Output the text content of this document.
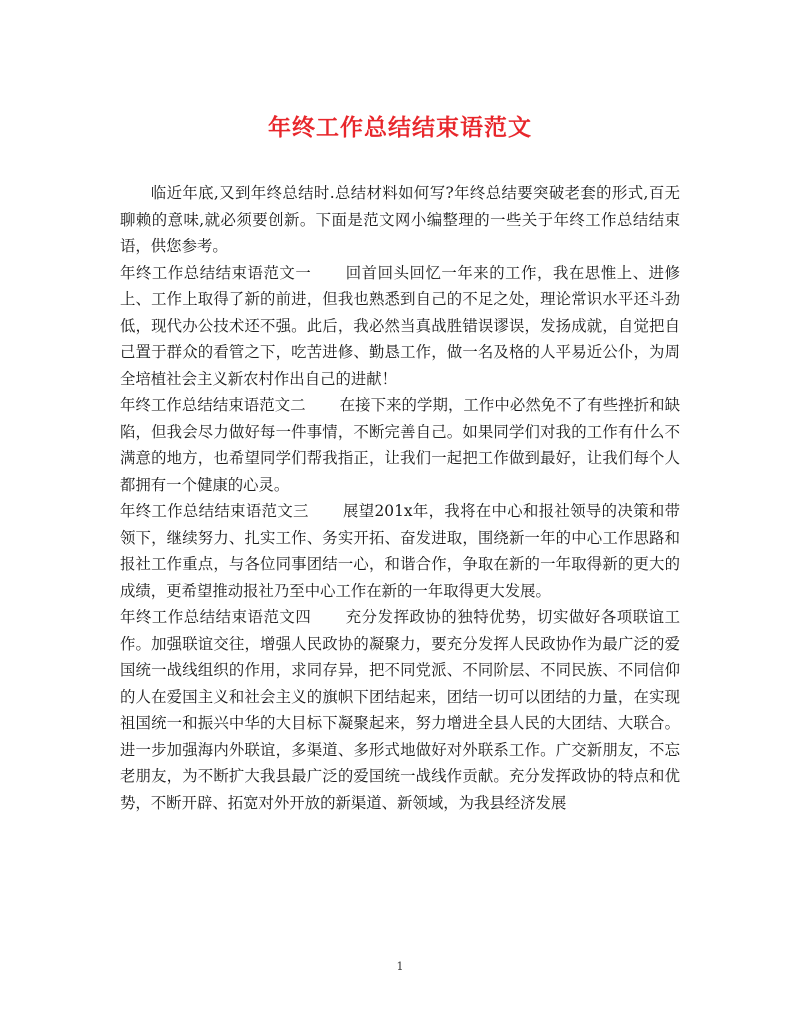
年终工作总结结束语范文

临近年底,又到年终总结时.总结材料如何写?年终总结要突破老套的形式,百无聊赖的意味,就必须要创新。下面是范文网小编整理的一些关于年终工作总结结束语，供您参考。

年终工作总结结束语范文一 回首回头回忆一年来的工作，我在思惟上、进修上、工作上取得了新的前进，但我也熟悉到自己的不足之处，理论常识水平还斗劲低，现代办公技术还不强。此后，我必然当真战胜错误谬误，发扬成就，自觉把自己置于群众的看管之下，吃苦进修、勤恳工作，做一名及格的人平易近公仆，为周全培植社会主义新农村作出自己的进献！

年终工作总结结束语范文二 在接下来的学期，工作中必然免不了有些挫折和缺陷，但我会尽力做好每一件事情，不断完善自己。如果同学们对我的工作有什么不满意的地方，也希望同学们帮我指正，让我们一起把工作做到最好，让我们每个人都拥有一个健康的心灵。

年终工作总结结束语范文三 展望201x年，我将在中心和报社领导的决策和带领下，继续努力、扎实工作、务实开拓、奋发进取，围绕新一年的中心工作思路和报社工作重点，与各位同事团结一心，和谐合作，争取在新的一年取得新的更大的成绩，更希望推动报社乃至中心工作在新的一年取得更大发展。

年终工作总结结束语范文四 充分发挥政协的独特优势，切实做好各项联谊工作。加强联谊交往，增强人民政协的凝聚力，要充分发挥人民政协作为最广泛的爱国统一战线组织的作用，求同存异，把不同党派、不同阶层、不同民族、不同信仰的人在爱国主义和社会主义的旗帜下团结起来，团结一切可以团结的力量，在实现祖国统一和振兴中华的大目标下凝聚起来，努力增进全县人民的大团结、大联合。进一步加强海内外联谊，多渠道、多形式地做好对外联系工作。广交新朋友，不忘老朋友，为不断扩大我县最广泛的爱国统一战线作贡献。充分发挥政协的特点和优势，不断开辟、拓宽对外开放的新渠道、新领域，为我县经济发展

1
